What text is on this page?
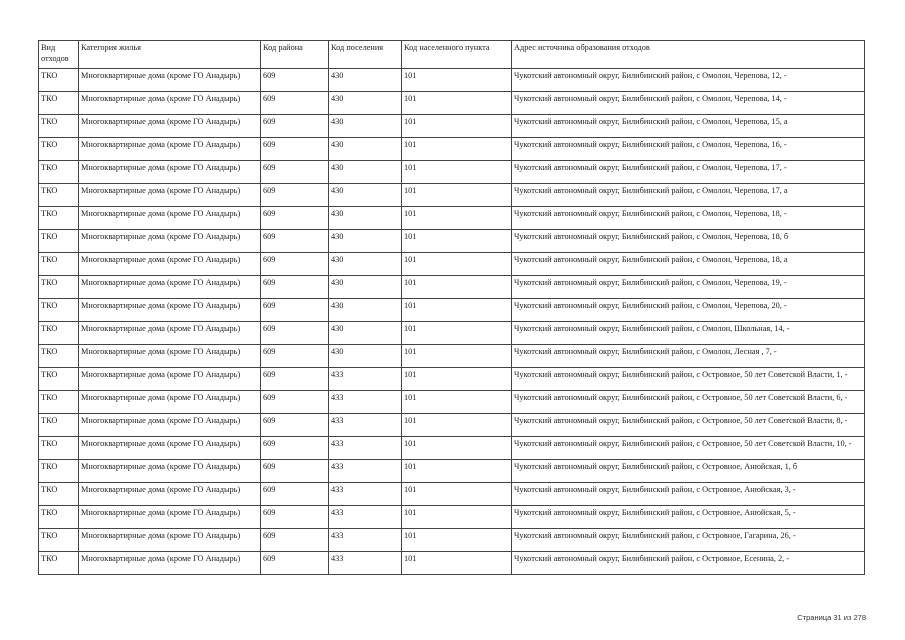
Вид отходов	Категория жилья	Код района	Код поселения	Код населенного пункта	Адрес источника образования отходов
ТКО	Многоквартирные дома (кроме ГО Анадырь)	609	430	101	Чукотский автономный округ, Билибинский район, с Омолон, Черепова, 12, -
ТКО	Многоквартирные дома (кроме ГО Анадырь)	609	430	101	Чукотский автономный округ, Билибинский район, с Омолон, Черепова, 14, -
ТКО	Многоквартирные дома (кроме ГО Анадырь)	609	430	101	Чукотский автономный округ, Билибинский район, с Омолон, Черепова, 15, а
ТКО	Многоквартирные дома (кроме ГО Анадырь)	609	430	101	Чукотский автономный округ, Билибинский район, с Омолон, Черепова, 16, -
ТКО	Многоквартирные дома (кроме ГО Анадырь)	609	430	101	Чукотский автономный округ, Билибинский район, с Омолон, Черепова, 17, -
ТКО	Многоквартирные дома (кроме ГО Анадырь)	609	430	101	Чукотский автономный округ, Билибинский район, с Омолон, Черепова, 17, а
ТКО	Многоквартирные дома (кроме ГО Анадырь)	609	430	101	Чукотский автономный округ, Билибинский район, с Омолон, Черепова, 18, -
ТКО	Многоквартирные дома (кроме ГО Анадырь)	609	430	101	Чукотский автономный округ, Билибинский район, с Омолон, Черепова, 18, б
ТКО	Многоквартирные дома (кроме ГО Анадырь)	609	430	101	Чукотский автономный округ, Билибинский район, с Омолон, Черепова, 18, а
ТКО	Многоквартирные дома (кроме ГО Анадырь)	609	430	101	Чукотский автономный округ, Билибинский район, с Омолон, Черепова, 19, -
ТКО	Многоквартирные дома (кроме ГО Анадырь)	609	430	101	Чукотский автономный округ, Билибинский район, с Омолон, Черепова, 20, -
ТКО	Многоквартирные дома (кроме ГО Анадырь)	609	430	101	Чукотский автономный округ, Билибинский район, с Омолон, Школьная, 14, -
ТКО	Многоквартирные дома (кроме ГО Анадырь)	609	430	101	Чукотский автономный округ, Билибинский район, с Омолон, Лесная , 7, -
ТКО	Многоквартирные дома (кроме ГО Анадырь)	609	433	101	Чукотский автономный округ, Билибинский район, с Островное, 50 лет Советской Власти, 1, -
ТКО	Многоквартирные дома (кроме ГО Анадырь)	609	433	101	Чукотский автономный округ, Билибинский район, с Островное, 50 лет Советской Власти, 6, -
ТКО	Многоквартирные дома (кроме ГО Анадырь)	609	433	101	Чукотский автономный округ, Билибинский район, с Островное, 50 лет Советской Власти, 8, -
ТКО	Многоквартирные дома (кроме ГО Анадырь)	609	433	101	Чукотский автономный округ, Билибинский район, с Островное, 50 лет Советской Власти, 10, -
ТКО	Многоквартирные дома (кроме ГО Анадырь)	609	433	101	Чукотский автономный округ, Билибинский район, с Островное, Анюйская, 1, б
ТКО	Многоквартирные дома (кроме ГО Анадырь)	609	433	101	Чукотский автономный округ, Билибинский район, с Островное, Анюйская, 3, -
ТКО	Многоквартирные дома (кроме ГО Анадырь)	609	433	101	Чукотский автономный округ, Билибинский район, с Островное, Анюйская, 5, -
ТКО	Многоквартирные дома (кроме ГО Анадырь)	609	433	101	Чукотский автономный округ, Билибинский район, с Островное, Гагарина, 26, -
ТКО	Многоквартирные дома (кроме ГО Анадырь)	609	433	101	Чукотский автономный округ, Билибинский район, с Островное, Есенина, 2, -
Страница 31 из 278
